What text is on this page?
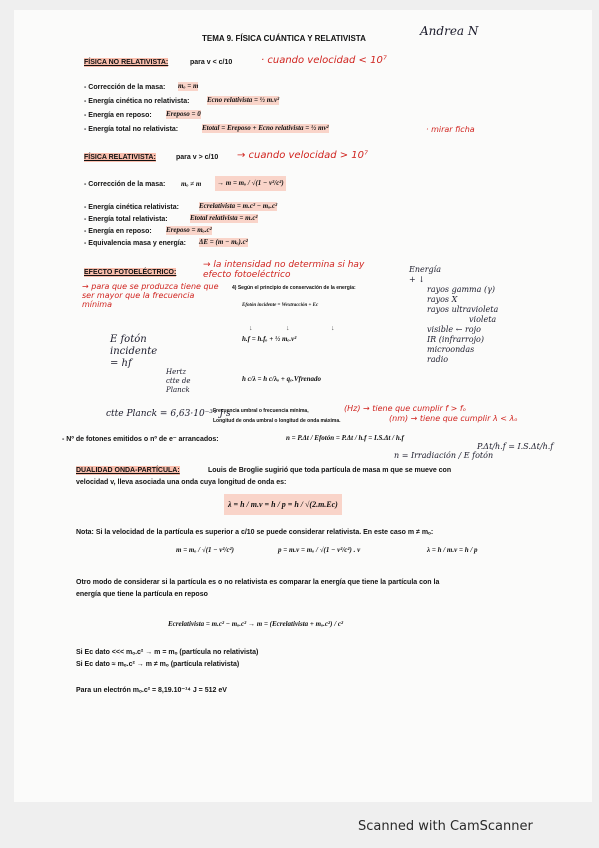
TEMA 9. FÍSICA CUÁNTICA Y RELATIVISTA
Andrea N
FÍSICA NO RELATIVISTA:	para v < c/10	· cuando velocidad < 10⁷
- Corrección de la masa: mₒ = m
- Energía cinética no relativista:	Ecno relativista = ½ m.v²
- Energía en reposo: Ereposo = 0
- Energía total no relativista:	Etotal = Ereposo + Ecno relativista = ½ mv²	· mirar ficha
FÍSICA RELATIVISTA:	para v > c/10 → cuando velocidad > 10⁷
- Corrección de la masa: mₒ ≠ m → m = mₒ / √(1 − v²/c²)
- Energía cinética relativista:	Ecrelativista = m.c² − mₒ.c²
- Energía total relativista:	Etotal relativista = m.c²
- Energía en reposo: Ereposo = mₒ.c²
- Equivalencia masa y energía: ΔE = (m − mₒ).c²
EFECTO FOTOELÉCTRICO:
→ la intensidad no determina si hay efecto fotoeléctrico
→ para que se produzca tiene que ser mayor que la frecuencia mínima
4) Según el principio de conservación de la energía:
Efotón incidente = Wextracción + Ec
↓	↓	↓
h.f = h.fₒ + ½ mₑ.v²
h c/λ = h c/λₒ + qₑ.Vfrenado
E fotón
incidente
= hf
Hertz
ctte de
Planck
ctte Planck = 6,63·10⁻³⁴ J·s
Frecuencia umbral o frecuencia mínima,	(Hz) → tiene que cumplir f > fₒ
Longitud de onda umbral o longitud de onda máxima.	(nm) → tiene que cumplir λ < λₒ
Energía
+ ↓
rayos gamma (γ)
rayos X
rayos ultravioleta
violeta
visible ← rojo
IR (infrarrojo)
microondas
radio
- Nº de fotones emitidos o nº de e⁻ arrancados:	n = P.Δt / Efotón = P.Δt / h.f = I.S.Δt / h.f
n = Irradiación / E fotón
P.Δt/h.f = I.S.Δt/h.f
DUALIDAD ONDA-PARTÍCULA:	Louis de Broglie sugirió que toda partícula de masa m que se mueve con
velocidad v, lleva asociada una onda cuya longitud de onda es:
λ = h / m.v = h / p = h / √(2.m.Ec)
Nota: Si la velocidad de la partícula es superior a c/10 se puede considerar relativista. En este caso m ≠ mₒ:
m = mₒ / √(1 − v²/c²)	p = m.v = mₒ / √(1 − v²/c²) . v	λ = h / m.v = h / p
Otro modo de considerar si la partícula es o no relativista es comparar la energía que tiene la partícula con la
energía que tiene la partícula en reposo
Ecrelativista = m.c² − mₒ.c² → m = (Ecrelativista + mₒ.c²) / c²
Si Ec dato <<< mₒ.c² → m = mₒ (partícula no relativista)
Si Ec dato ≈ mₒ.c² → m ≠ mₒ (partícula relativista)
Para un electrón mₒ.c² = 8,19.10⁻¹⁴ J = 512 eV
Scanned with CamScanner
